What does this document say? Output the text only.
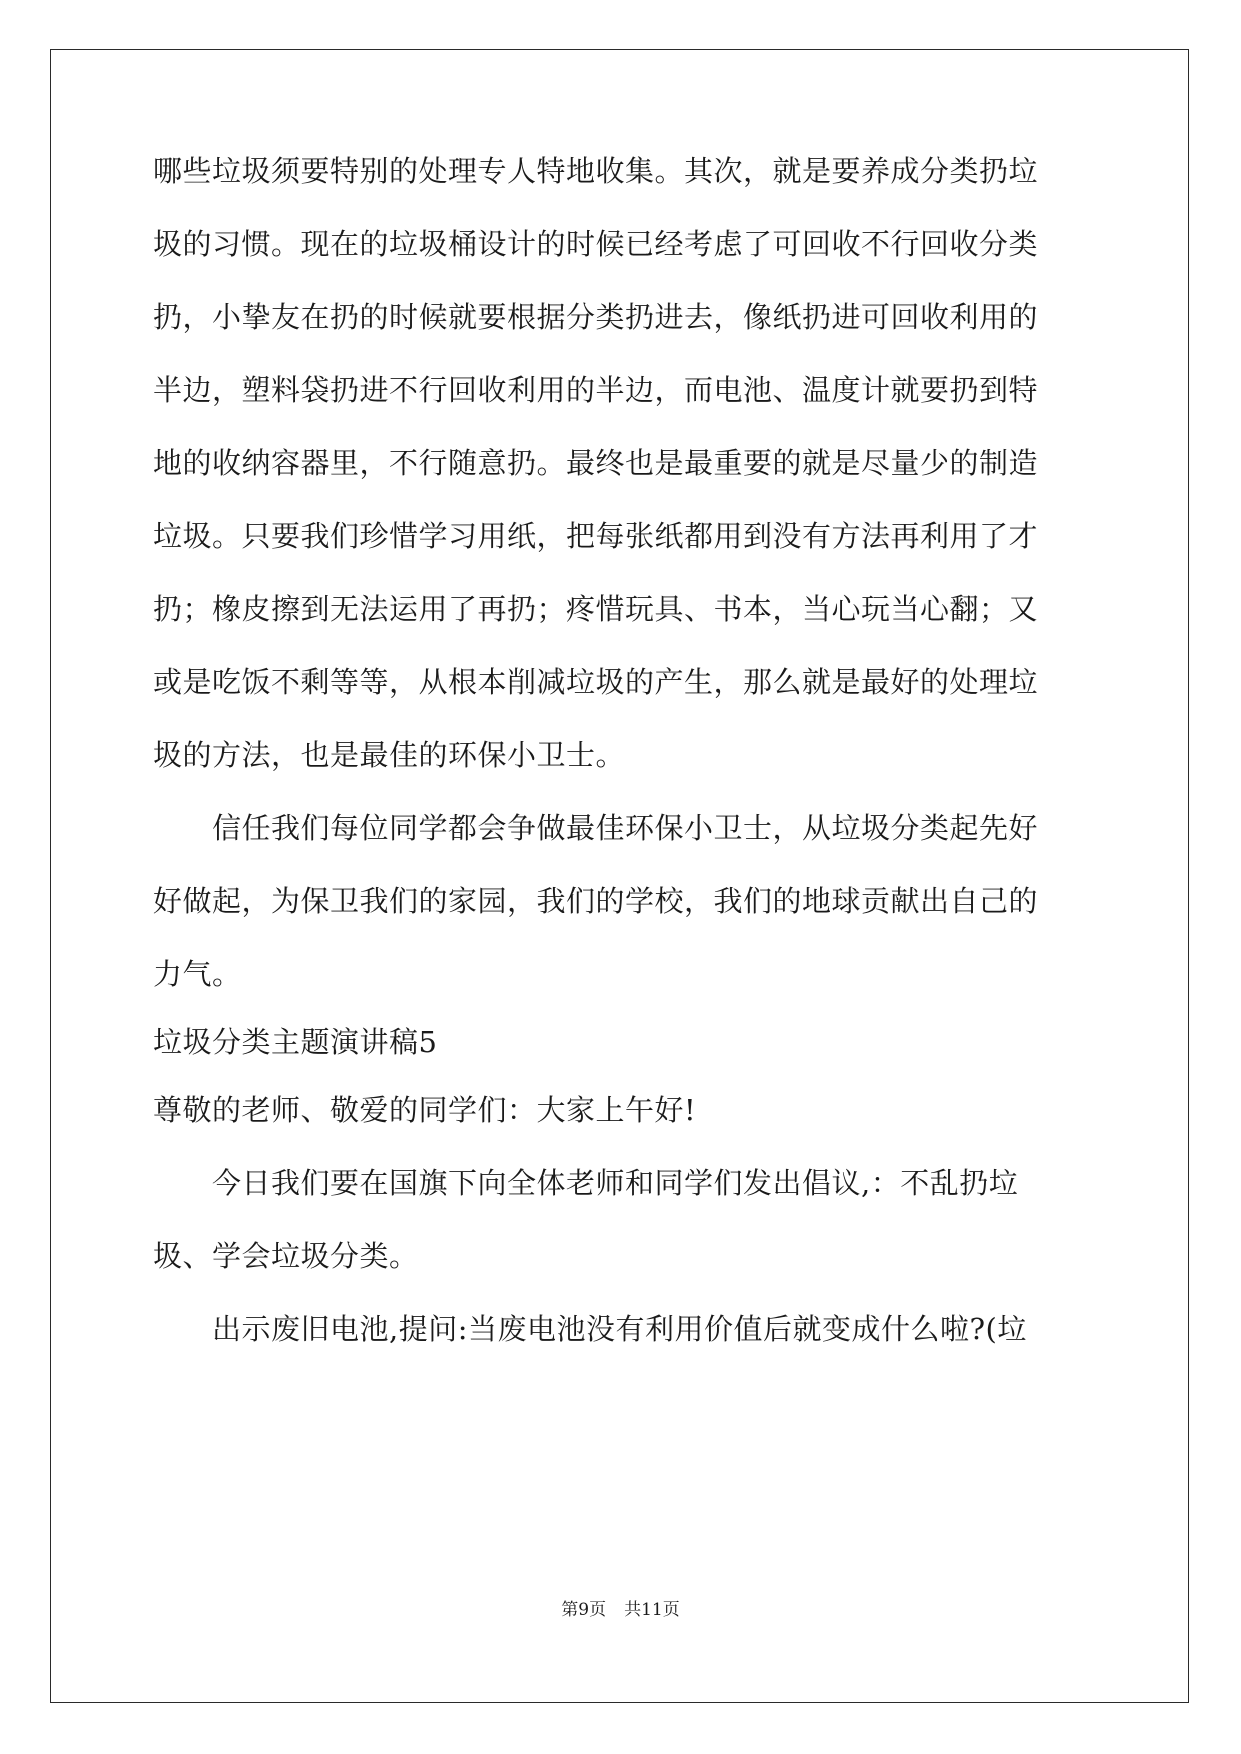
哪些垃圾须要特别的处理专人特地收集。其次，就是要养成分类扔垃
圾的习惯。现在的垃圾桶设计的时候已经考虑了可回收不行回收分类
扔，小挚友在扔的时候就要根据分类扔进去，像纸扔进可回收利用的
半边，塑料袋扔进不行回收利用的半边，而电池、温度计就要扔到特
地的收纳容器里，不行随意扔。最终也是最重要的就是尽量少的制造
垃圾。只要我们珍惜学习用纸，把每张纸都用到没有方法再利用了才
扔；橡皮擦到无法运用了再扔；疼惜玩具、书本，当心玩当心翻；又
或是吃饭不剩等等，从根本削减垃圾的产生，那么就是最好的处理垃
圾的方法，也是最佳的环保小卫士。
　　信任我们每位同学都会争做最佳环保小卫士，从垃圾分类起先好
好做起，为保卫我们的家园，我们的学校，我们的地球贡献出自己的
力气。
垃圾分类主题演讲稿5
尊敬的老师、敬爱的同学们：大家上午好!
　　今日我们要在国旗下向全体老师和同学们发出倡议,：不乱扔垃
圾、学会垃圾分类。
　　出示废旧电池,提问:当废电池没有利用价值后就变成什么啦?(垃
第9页 共11页
